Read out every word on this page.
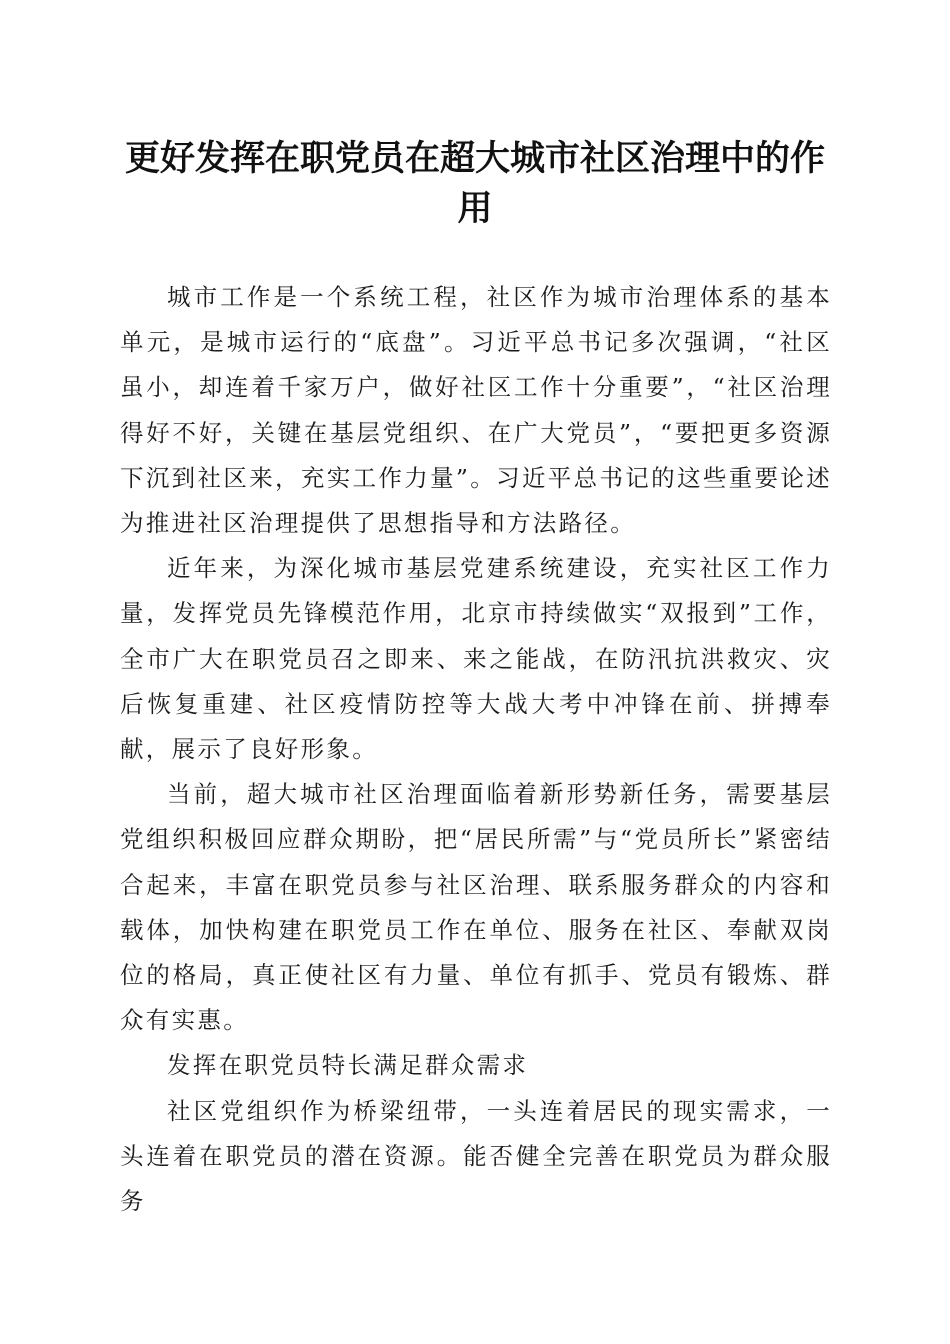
更好发挥在职党员在超大城市社区治理中的作用

城市工作是一个系统工程，社区作为城市治理体系的基本单元，是城市运行的“底盘”。习近平总书记多次强调，“社区虽小，却连着千家万户，做好社区工作十分重要”，“社区治理得好不好，关键在基层党组织、在广大党员”，“要把更多资源下沉到社区来，充实工作力量”。习近平总书记的这些重要论述为推进社区治理提供了思想指导和方法路径。

近年来，为深化城市基层党建系统建设，充实社区工作力量，发挥党员先锋模范作用，北京市持续做实“双报到”工作，全市广大在职党员召之即来、来之能战，在防汛抗洪救灾、灾后恢复重建、社区疫情防控等大战大考中冲锋在前、拼搏奉献，展示了良好形象。

当前，超大城市社区治理面临着新形势新任务，需要基层党组织积极回应群众期盼，把“居民所需”与“党员所长”紧密结合起来，丰富在职党员参与社区治理、联系服务群众的内容和载体，加快构建在职党员工作在单位、服务在社区、奉献双岗位的格局，真正使社区有力量、单位有抓手、党员有锻炼、群众有实惠。

发挥在职党员特长满足群众需求

社区党组织作为桥梁纽带，一头连着居民的现实需求，一头连着在职党员的潜在资源。能否健全完善在职党员为群众服务
